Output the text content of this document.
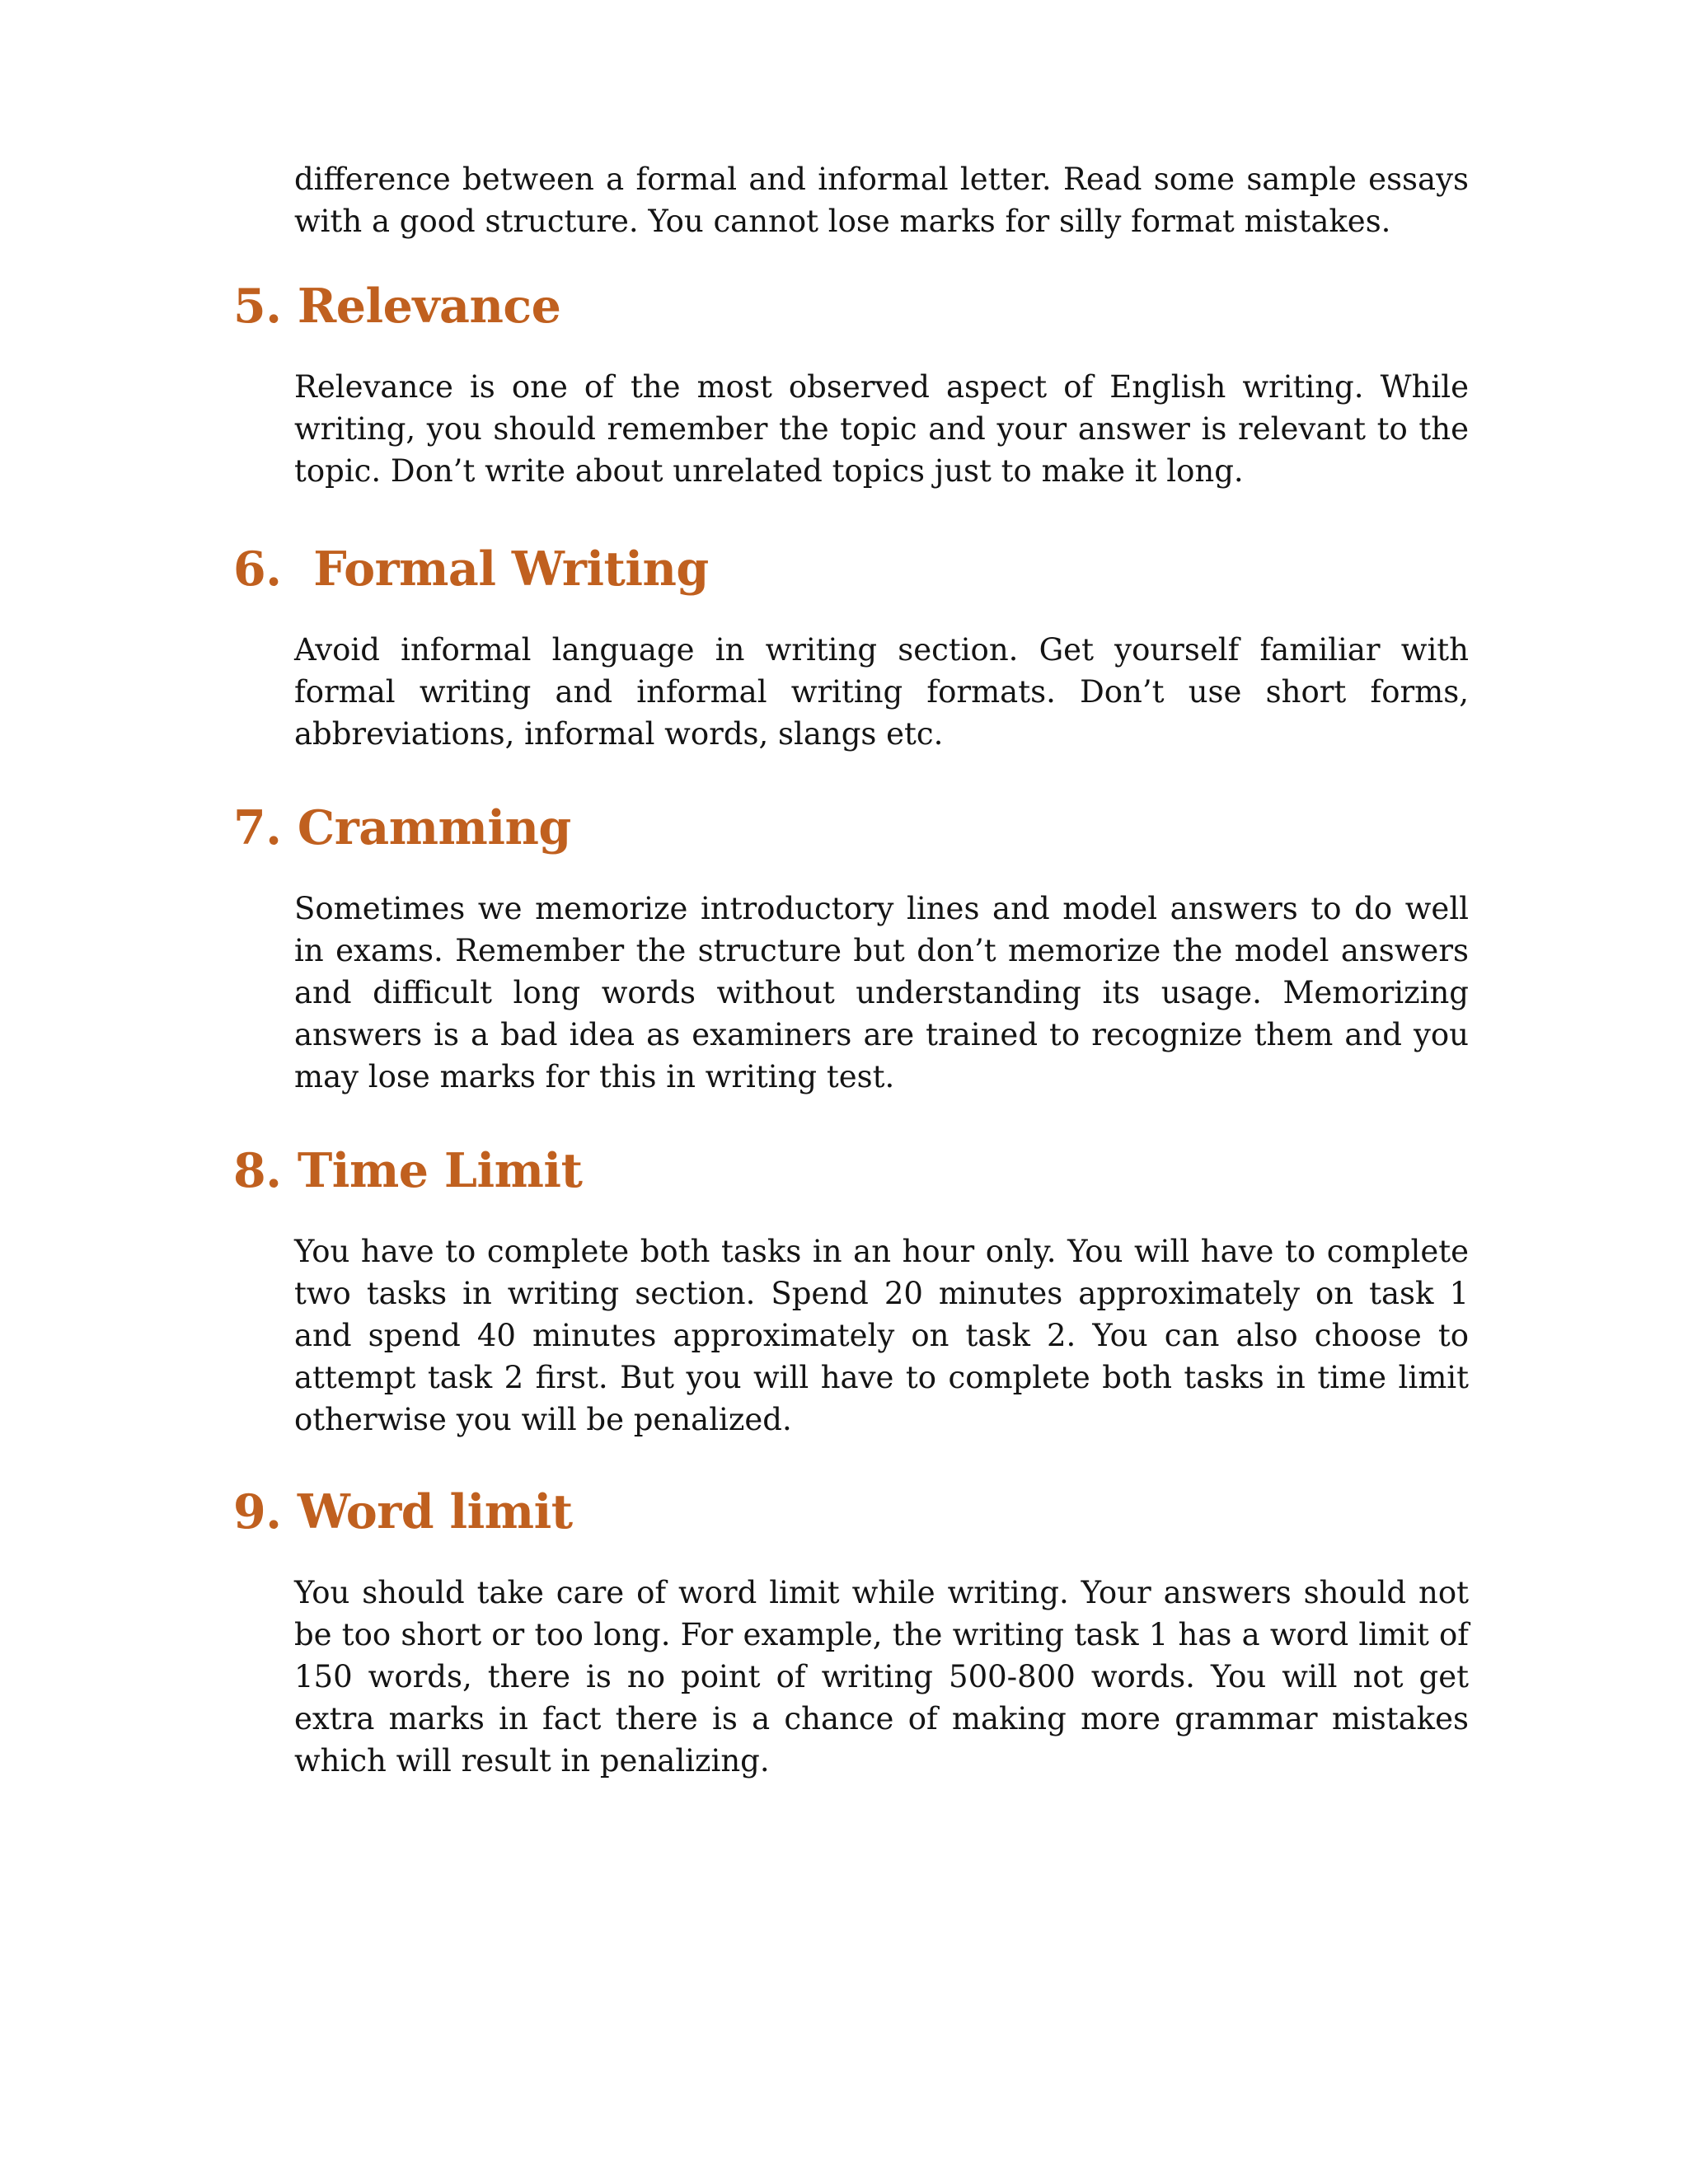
difference between a formal and informal letter. Read some sample essays with a good structure. You cannot lose marks for silly format mistakes.

5. Relevance

Relevance is one of the most observed aspect of English writing. While writing, you should remember the topic and your answer is relevant to the topic. Don’t write about unrelated topics just to make it long.

6.  Formal Writing

Avoid informal language in writing section. Get yourself familiar with formal writing and informal writing formats. Don’t use short forms, abbreviations, informal words, slangs etc.

7. Cramming

Sometimes we memorize introductory lines and model answers to do well in exams. Remember the structure but don’t memorize the model answers and difficult long words without understanding its usage. Memorizing answers is a bad idea as examiners are trained to recognize them and you may lose marks for this in writing test.

8. Time Limit

You have to complete both tasks in an hour only. You will have to complete two tasks in writing section. Spend 20 minutes approximately on task 1 and spend 40 minutes approximately on task 2. You can also choose to attempt task 2 first. But you will have to complete both tasks in time limit otherwise you will be penalized.

9. Word limit

You should take care of word limit while writing. Your answers should not be too short or too long. For example, the writing task 1 has a word limit of 150 words, there is no point of writing 500-800 words. You will not get extra marks in fact there is a chance of making more grammar mistakes which will result in penalizing.
